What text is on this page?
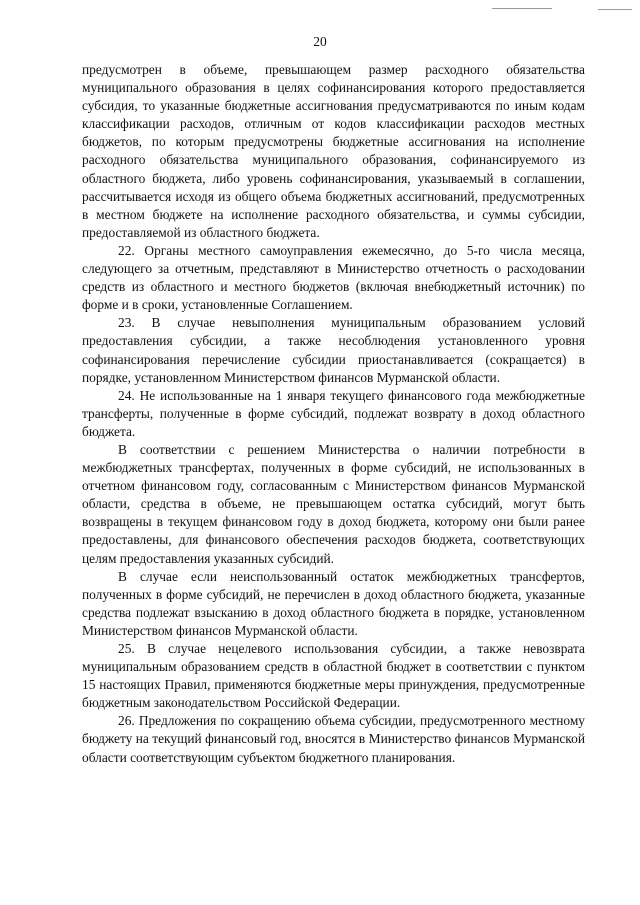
20

предусмотрен в объеме, превышающем размер расходного обязательства муниципального образования в целях софинансирования которого предоставляется субсидия, то указанные бюджетные ассигнования предусматриваются по иным кодам классификации расходов, отличным от кодов классификации расходов местных бюджетов, по которым предусмотрены бюджетные ассигнования на исполнение расходного обязательства муниципального образования, софинансируемого из областного бюджета, либо уровень софинансирования, указываемый в соглашении, рассчитывается исходя из общего объема бюджетных ассигнований, предусмотренных в местном бюджете на исполнение расходного обязательства, и суммы субсидии, предоставляемой из областного бюджета.

22. Органы местного самоуправления ежемесячно, до 5-го числа месяца, следующего за отчетным, представляют в Министерство отчетность о расходовании средств из областного и местного бюджетов (включая внебюджетный источник) по форме и в сроки, установленные Соглашением.

23. В случае невыполнения муниципальным образованием условий предоставления субсидии, а также несоблюдения установленного уровня софинансирования перечисление субсидии приостанавливается (сокращается) в порядке, установленном Министерством финансов Мурманской области.

24. Не использованные на 1 января текущего финансового года межбюджетные трансферты, полученные в форме субсидий, подлежат возврату в доход областного бюджета.

В соответствии с решением Министерства о наличии потребности в межбюджетных трансфертах, полученных в форме субсидий, не использованных в отчетном финансовом году, согласованным с Министерством финансов Мурманской области, средства в объеме, не превышающем остатка субсидий, могут быть возвращены в текущем финансовом году в доход бюджета, которому они были ранее предоставлены, для финансового обеспечения расходов бюджета, соответствующих целям предоставления указанных субсидий.

В случае если неиспользованный остаток межбюджетных трансфертов, полученных в форме субсидий, не перечислен в доход областного бюджета, указанные средства подлежат взысканию в доход областного бюджета в порядке, установленном Министерством финансов Мурманской области.

25. В случае нецелевого использования субсидии, а также невозврата муниципальным образованием средств в областной бюджет в соответствии с пунктом 15 настоящих Правил, применяются бюджетные меры принуждения, предусмотренные бюджетным законодательством Российской Федерации.

26. Предложения по сокращению объема субсидии, предусмотренного местному бюджету на текущий финансовый год, вносятся в Министерство финансов Мурманской области соответствующим субъектом бюджетного планирования.
